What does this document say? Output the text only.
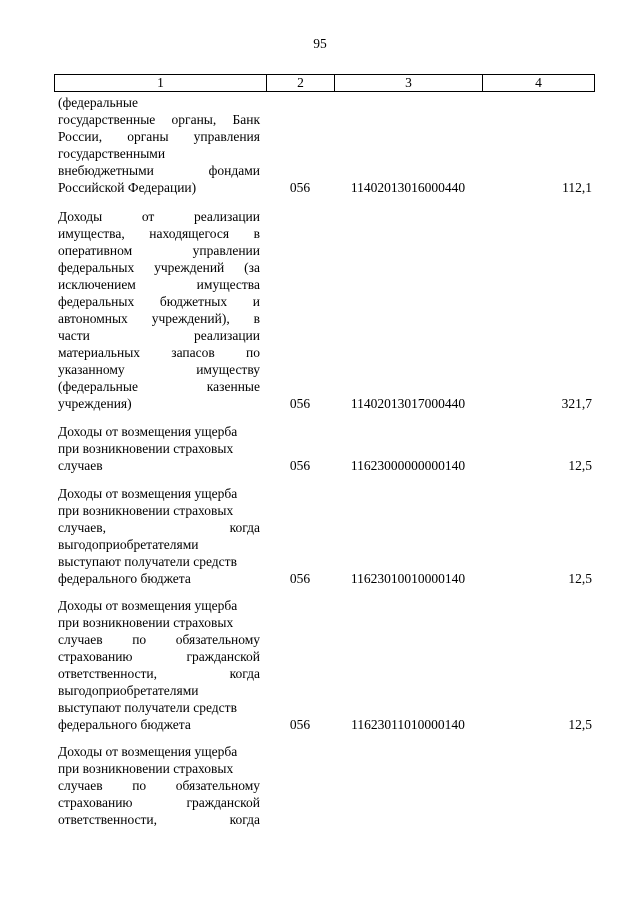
95
1	2	3	4
(федеральные
государственные органы, Банк
России, органы управления
государственными
внебюджетными фондами
Российской Федерации)	056	11402013016000440	112,1
Доходы от реализации
имущества, находящегося в
оперативном управлении
федеральных учреждений (за
исключением имущества
федеральных бюджетных и
автономных учреждений), в
части реализации
материальных запасов по
указанному имуществу
(федеральные казенные
учреждения)	056	11402013017000440	321,7
Доходы от возмещения ущерба
при возникновении страховых
случаев	056	11623000000000140	12,5
Доходы от возмещения ущерба
при возникновении страховых
случаев, когда
выгодоприобретателями
выступают получатели средств
федерального бюджета	056	11623010010000140	12,5
Доходы от возмещения ущерба
при возникновении страховых
случаев по обязательному
страхованию гражданской
ответственности, когда
выгодоприобретателями
выступают получатели средств
федерального бюджета	056	11623011010000140	12,5
Доходы от возмещения ущерба
при возникновении страховых
случаев по обязательному
страхованию гражданской
ответственности, когда
